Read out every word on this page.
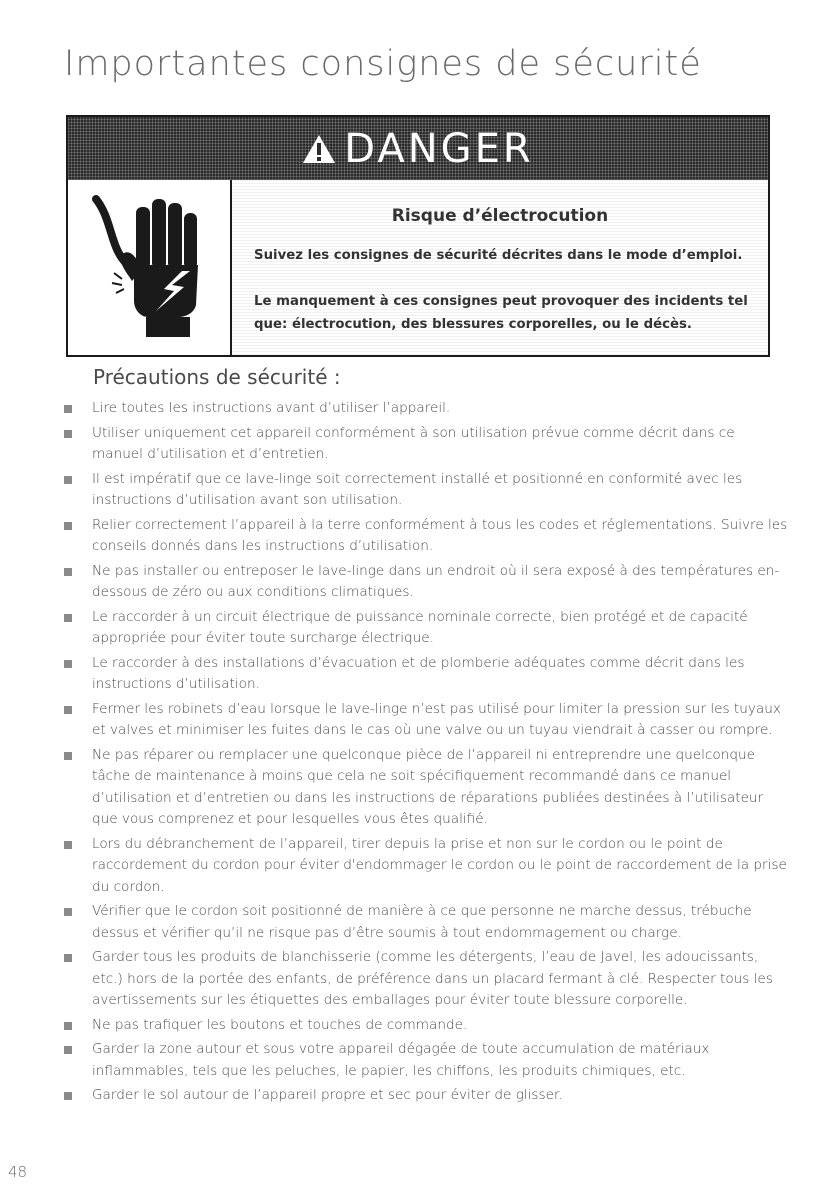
Importantes consignes de sécurité
DANGER

Risque d’électrocution

Suivez les consignes de sécurité décrites dans le mode d’emploi.

Le manquement à ces consignes peut provoquer des incidents tel que: électrocution, des blessures corporelles, ou le décès.

Précautions de sécurité :
Lire toutes les instructions avant d’utiliser l’appareil.
Utiliser uniquement cet appareil conformément à son utilisation prévue comme décrit dans ce manuel d’utilisation et d’entretien.
Il est impératif que ce lave-linge soit correctement installé et positionné en conformité avec les instructions d’utilisation avant son utilisation.
Relier correctement l’appareil à la terre conformément à tous les codes et réglementations. Suivre les conseils donnés dans les instructions d’utilisation.
Ne pas installer ou entreposer le lave-linge dans un endroit où il sera exposé à des températures en-dessous de zéro ou aux conditions climatiques.
Le raccorder à un circuit électrique de puissance nominale correcte, bien protégé et de capacité appropriée pour éviter toute surcharge électrique.
Le raccorder à des installations d’évacuation et de plomberie adéquates comme décrit dans les instructions d’utilisation.
Fermer les robinets d’eau lorsque le lave-linge n’est pas utilisé pour limiter la pression sur les tuyaux et valves et minimiser les fuites dans le cas où une valve ou un tuyau viendrait à casser ou rompre.
Ne pas réparer ou remplacer une quelconque pièce de l’appareil ni entreprendre une quelconque tâche de maintenance à moins que cela ne soit spécifiquement recommandé dans ce manuel d’utilisation et d’entretien ou dans les instructions de réparations publiées destinées à l’utilisateur que vous comprenez et pour lesquelles vous êtes qualifié.
Lors du débranchement de l’appareil, tirer depuis la prise et non sur le cordon ou le point de raccordement du cordon pour éviter d'endommager le cordon ou le point de raccordement de la prise du cordon.
Vérifier que le cordon soit positionné de manière à ce que personne ne marche dessus, trébuche dessus et vérifier qu’il ne risque pas d’être soumis à tout endommagement ou charge.
Garder tous les produits de blanchisserie (comme les détergents, l’eau de Javel, les adoucissants, etc.) hors de la portée des enfants, de préférence dans un placard fermant à clé. Respecter tous les avertissements sur les étiquettes des emballages pour éviter toute blessure corporelle.
Ne pas trafiquer les boutons et touches de commande.
Garder la zone autour et sous votre appareil dégagée de toute accumulation de matériaux inflammables, tels que les peluches, le papier, les chiffons, les produits chimiques, etc.
Garder le sol autour de l’appareil propre et sec pour éviter de glisser.

48
